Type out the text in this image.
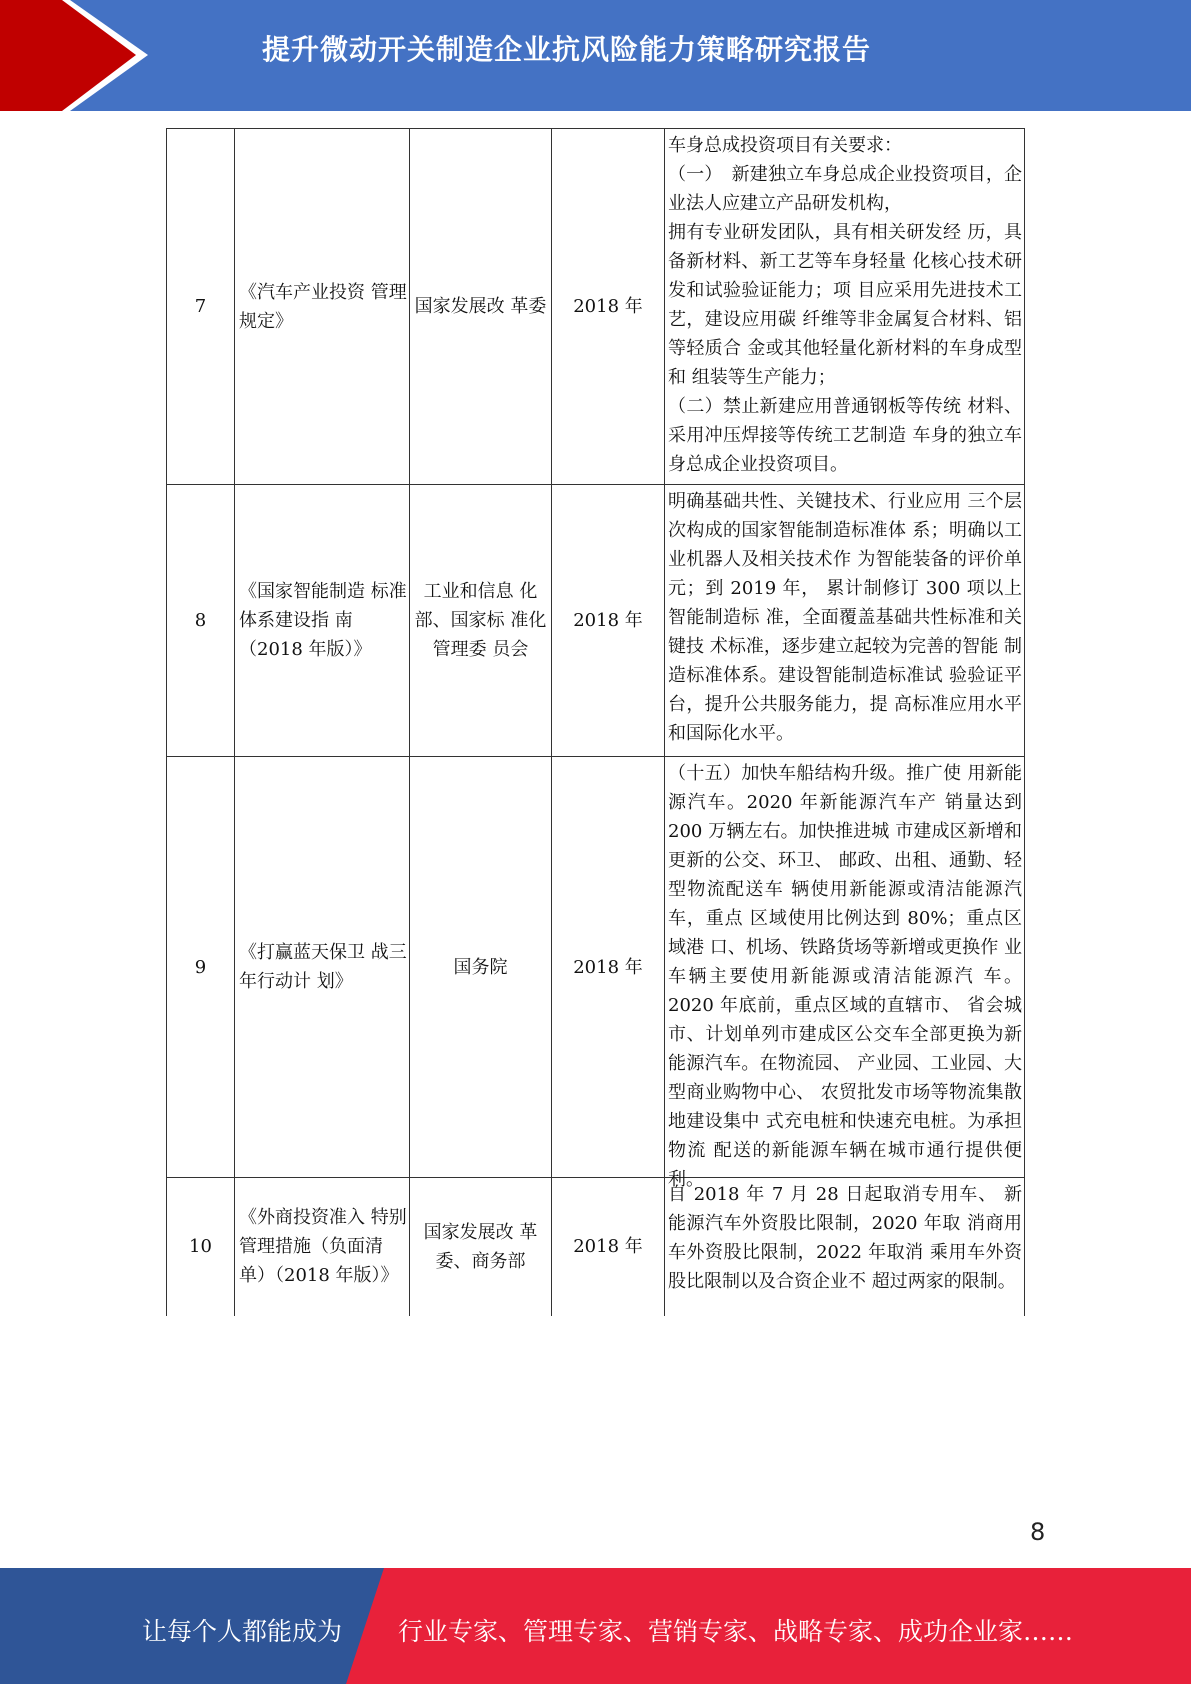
提升微动开关制造企业抗风险能力策略研究报告
7	《汽车产业投资 管理规定》	国家发展改 革委	2018 年	车身总成投资项目有关要求：
（一）　新建独立车身总成企业投资项目，企业法人应建立产品研发机构，
拥有专业研发团队，具有相关研发经 历，具备新材料、新工艺等车身轻量 化核心技术研发和试验验证能力；项 目应采用先进技术工艺，建设应用碳 纤维等非金属复合材料、铝等轻质合 金或其他轻量化新材料的车身成型和 组装等生产能力；
（二）禁止新建应用普通钢板等传统 材料、采用冲压焊接等传统工艺制造 车身的独立车身总成企业投资项目。

8	《国家智能制造 标准体系建设指 南（2018 年版）》	工业和信息 化部、国家标 准化管理委 员会	2018 年	明确基础共性、关键技术、行业应用 三个层次构成的国家智能制造标准体 系；明确以工业机器人及相关技术作 为智能装备的评价单元；到 2019 年， 累计制修订 300 项以上智能制造标 准，全面覆盖基础共性标准和关键技 术标准，逐步建立起较为完善的智能 制造标准体系。建设智能制造标准试 验验证平台，提升公共服务能力，提 高标准应用水平和国际化水平。

9	《打赢蓝天保卫 战三年行动计 划》	国务院	2018 年	（十五）加快车船结构升级。推广使 用新能源汽车。2020 年新能源汽车产 销量达到 200 万辆左右。加快推进城 市建成区新增和更新的公交、环卫、 邮政、出租、通勤、轻型物流配送车 辆使用新能源或清洁能源汽车，重点 区域使用比例达到 80%；重点区域港 口、机场、铁路货场等新增或更换作 业车辆主要使用新能源或清洁能源汽 车。2020 年底前，重点区域的直辖市、 省会城市、计划单列市建成区公交车全部更换为新能源汽车。在物流园、 产业园、工业园、大型商业购物中心、 农贸批发市场等物流集散地建设集中 式充电桩和快速充电桩。为承担物流 配送的新能源车辆在城市通行提供便 利。

10	《外商投资准入 特别管理措施（负面清单）（2018 年版）》	国家发展改 革委、商务部	2018 年	自 2018 年 7 月 28 日起取消专用车、 新能源汽车外资股比限制，2020 年取 消商用车外资股比限制，2022 年取消 乘用车外资股比限制以及合资企业不 超过两家的限制。
8
让每个人都能成为 行业专家、管理专家、营销专家、战略专家、成功企业家……
